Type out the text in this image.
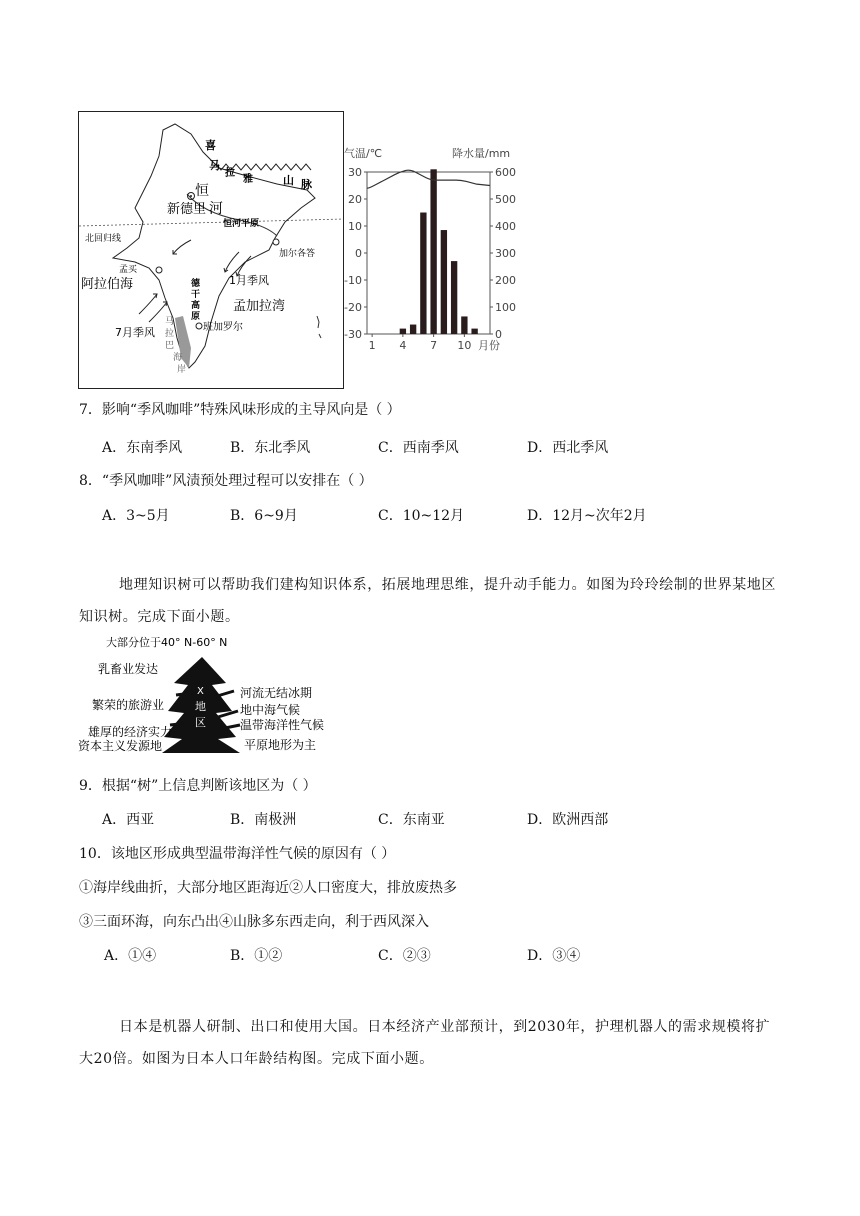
喜
马
拉
雅	山 脉
恒
河
新德里
恒河平原
北回归线
加尔各答
孟买
阿拉伯海	德
干
高
原
1月季风
孟加拉湾
7月季风	班加罗尔
马
拉
巴
海
岸
气温/℃	降水量/mm
30
20
10
0
-10
-20
-30
600
500
400
300
200
100
0
1 4 7 10 月份
7．影响“季风咖啡”特殊风味形成的主导风向是（ ）
A．东南季风	B．东北季风	C．西南季风	D．西北季风
8．“季风咖啡”风渍预处理过程可以安排在（ ）
A．3~5月	B．6~9月	C．10~12月	D．12月~次年2月
地理知识树可以帮助我们建构知识体系，拓展地理思维，提升动手能力。如图为玲玲绘制的世界某地区知识树。完成下面小题。
大部分位于40° N-60° N
X
地
区
乳畜业发达
繁荣的旅游业
雄厚的经济实力
资本主义发源地
河流无结冰期
地中海气候
温带海洋性气候
平原地形为主
9．根据“树”上信息判断该地区为（ ）
A．西亚	B．南极洲	C．东南亚	D．欧洲西部
10．该地区形成典型温带海洋性气候的原因有（ ）
①海岸线曲折，大部分地区距海近②人口密度大，排放废热多
③三面环海，向东凸出④山脉多东西走向，利于西风深入
A．①④	B．①②	C．②③	D．③④
日本是机器人研制、出口和使用大国。日本经济产业部预计，到2030年，护理机器人的需求规模将扩大20倍。如图为日本人口年龄结构图。完成下面小题。
